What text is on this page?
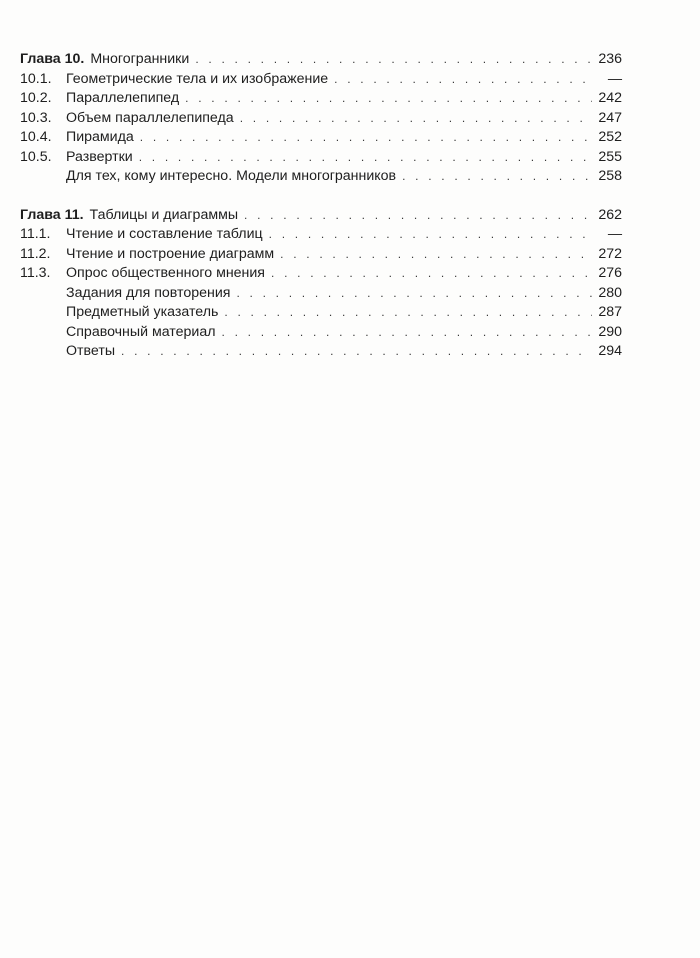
Глава 10. Многогранники . . .	236
10.1.	Геометрические тела и их изображение . . .	—
10.2.	Параллелепипед . . .	242
10.3.	Объем параллелепипеда . . .	247
10.4.	Пирамида . . .	252
10.5.	Развертки . . .	255
Для тех, кому интересно. Модели многогранников . . .	258
Глава 11. Таблицы и диаграммы . . .	262
11.1.	Чтение и составление таблиц . . .	—
11.2.	Чтение и построение диаграмм . . .	272
11.3.	Опрос общественного мнения . . .	276
Задания для повторения . . .	280
Предметный указатель . . .	287
Справочный материал . . .	290
Ответы . . .	294
